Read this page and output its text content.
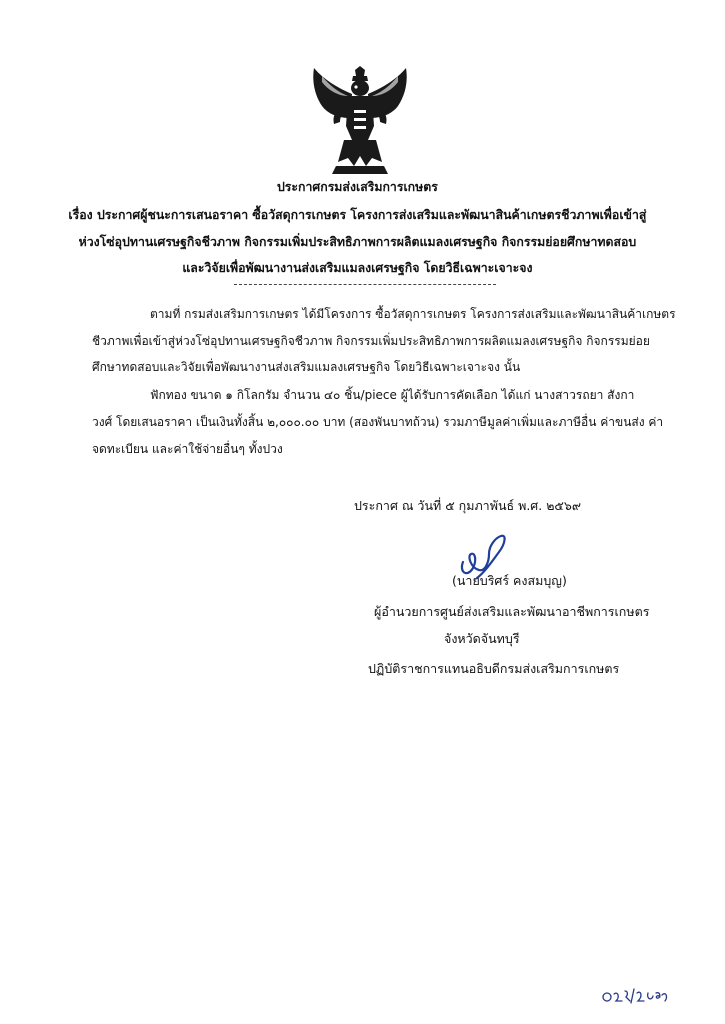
ประกาศกรมส่งเสริมการเกษตร
เรื่อง ประกาศผู้ชนะการเสนอราคา ซื้อวัสดุการเกษตร โครงการส่งเสริมและพัฒนาสินค้าเกษตรชีวภาพเพื่อเข้าสู่
ห่วงโซ่อุปทานเศรษฐกิจชีวภาพ กิจกรรมเพิ่มประสิทธิภาพการผลิตแมลงเศรษฐกิจ กิจกรรมย่อยศึกษาทดสอบ
และวิจัยเพื่อพัฒนางานส่งเสริมแมลงเศรษฐกิจ โดยวิธีเฉพาะเจาะจง
ตามที่ กรมส่งเสริมการเกษตร ได้มีโครงการ ซื้อวัสดุการเกษตร โครงการส่งเสริมและพัฒนาสินค้าเกษตร
ชีวภาพเพื่อเข้าสู่ห่วงโซ่อุปทานเศรษฐกิจชีวภาพ กิจกรรมเพิ่มประสิทธิภาพการผลิตแมลงเศรษฐกิจ กิจกรรมย่อย
ศึกษาทดสอบและวิจัยเพื่อพัฒนางานส่งเสริมแมลงเศรษฐกิจ โดยวิธีเฉพาะเจาะจง นั้น
ฟักทอง ขนาด ๑ กิโลกรัม จำนวน ๔๐ ชิ้น/piece ผู้ได้รับการคัดเลือก ได้แก่ นางสาวรถยา สังกา
วงศ์ โดยเสนอราคา เป็นเงินทั้งสิ้น ๒,๐๐๐.๐๐ บาท (สองพันบาทถ้วน) รวมภาษีมูลค่าเพิ่มและภาษีอื่น ค่าขนส่ง ค่า
จดทะเบียน และค่าใช้จ่ายอื่นๆ ทั้งปวง
ประกาศ ณ วันที่ ๕ กุมภาพันธ์ พ.ศ. ๒๕๖๙
(นายบริศร์ คงสมบุญ)
ผู้อำนวยการศูนย์ส่งเสริมและพัฒนาอาชีพการเกษตร
จังหวัดจันทบุรี
ปฏิบัติราชการแทนอธิบดีกรมส่งเสริมการเกษตร
